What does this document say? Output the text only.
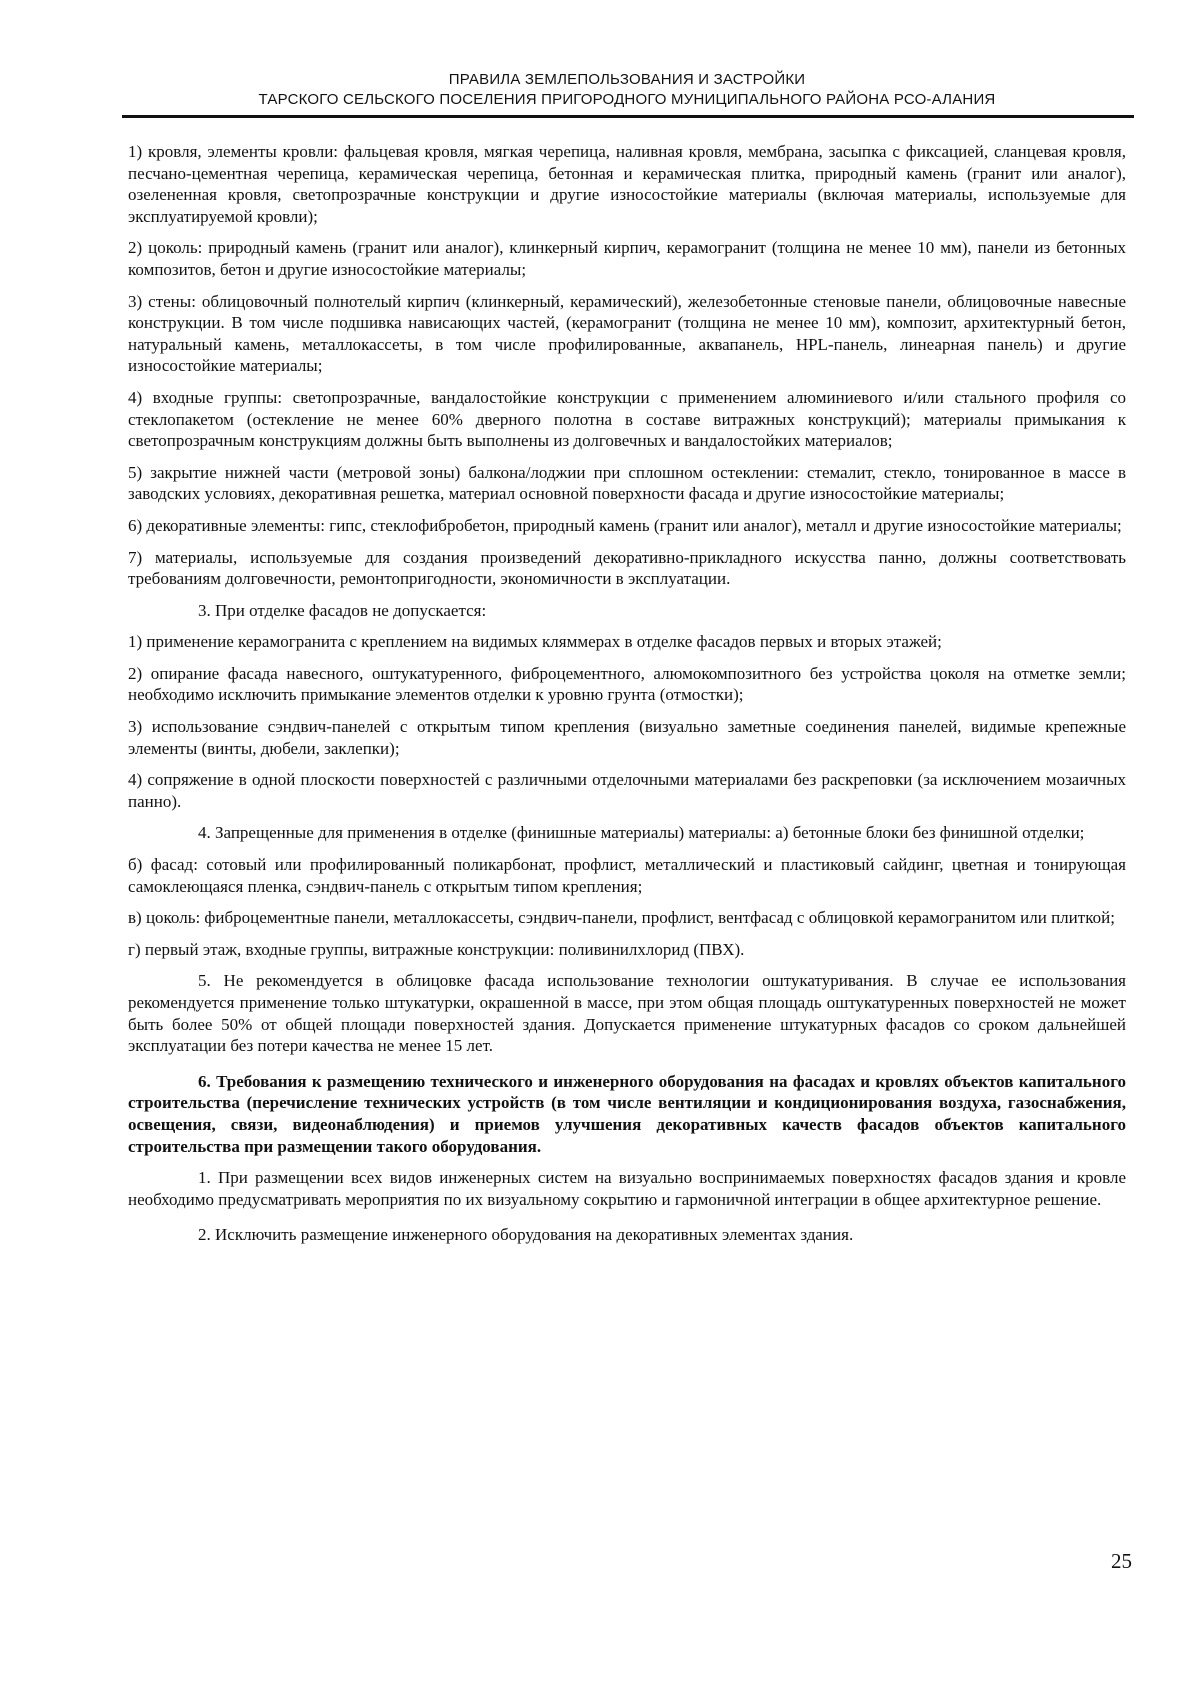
ПРАВИЛА ЗЕМЛЕПОЛЬЗОВАНИЯ И ЗАСТРОЙКИ
ТАРСКОГО СЕЛЬСКОГО ПОСЕЛЕНИЯ ПРИГОРОДНОГО МУНИЦИПАЛЬНОГО РАЙОНА РСО-АЛАНИЯ

1) кровля, элементы кровли: фальцевая кровля, мягкая черепица, наливная кровля, мембрана, засыпка с фиксацией, сланцевая кровля, песчано-цементная черепица, керамическая черепица, бетонная и керамическая плитка, природный камень (гранит или аналог), озелененная кровля, светопрозрачные конструкции и другие износостойкие материалы (включая материалы, используемые для эксплуатируемой кровли);

2) цоколь: природный камень (гранит или аналог), клинкерный кирпич, керамогранит (толщина не менее 10 мм), панели из бетонных композитов, бетон и другие износостойкие материалы;

3) стены: облицовочный полнотелый кирпич (клинкерный, керамический), железобетонные стеновые панели, облицовочные навесные конструкции. В том числе подшивка нависающих частей, (керамогранит (толщина не менее 10 мм), композит, архитектурный бетон, натуральный камень, металлокассеты, в том числе профилированные, аквапанель, HPL-панель, линеарная панель) и другие износостойкие материалы;

4) входные группы: светопрозрачные, вандалостойкие конструкции с применением алюминиевого и/или стального профиля со стеклопакетом (остекление не менее 60% дверного полотна в составе витражных конструкций); материалы примыкания к светопрозрачным конструкциям должны быть выполнены из долговечных и вандалостойких материалов;

5) закрытие нижней части (метровой зоны) балкона/лоджии при сплошном остеклении: стемалит, стекло, тонированное в массе в заводских условиях, декоративная решетка, материал основной поверхности фасада и другие износостойкие материалы;

6) декоративные элементы: гипс, стеклофибробетон, природный камень (гранит или аналог), металл и другие износостойкие материалы;

7) материалы, используемые для создания произведений декоративно-прикладного искусства панно, должны соответствовать требованиям долговечности, ремонтопригодности, экономичности в эксплуатации.

3. При отделке фасадов не допускается:

1) применение керамогранита с креплением на видимых кляммерах в отделке фасадов первых и вторых этажей;

2) опирание фасада навесного, оштукатуренного, фиброцементного, алюмокомпозитного без устройства цоколя на отметке земли; необходимо исключить примыкание элементов отделки к уровню грунта (отмостки);

3) использование сэндвич-панелей с открытым типом крепления (визуально заметные соединения панелей, видимые крепежные элементы (винты, дюбели, заклепки);

4) сопряжение в одной плоскости поверхностей с различными отделочными материалами без раскреповки (за исключением мозаичных панно).

4. Запрещенные для применения в отделке (финишные материалы) материалы: а) бетонные блоки без финишной отделки;

б) фасад: сотовый или профилированный поликарбонат, профлист, металлический и пластиковый сайдинг, цветная и тонирующая самоклеющаяся пленка, сэндвич-панель с открытым типом крепления;

в) цоколь: фиброцементные панели, металлокассеты, сэндвич-панели, профлист, вентфасад с облицовкой керамогранитом или плиткой;

г) первый этаж, входные группы, витражные конструкции: поливинилхлорид (ПВХ).

5. Не рекомендуется в облицовке фасада использование технологии оштукатуривания. В случае ее использования рекомендуется применение только штукатурки, окрашенной в массе, при этом общая площадь оштукатуренных поверхностей не может быть более 50% от общей площади поверхностей здания. Допускается применение штукатурных фасадов со сроком дальнейшей эксплуатации без потери качества не менее 15 лет.

6. Требования к размещению технического и инженерного оборудования на фасадах и кровлях объектов капитального строительства (перечисление технических устройств (в том числе вентиляции и кондиционирования воздуха, газоснабжения, освещения, связи, видеонаблюдения) и приемов улучшения декоративных качеств фасадов объектов капитального строительства при размещении такого оборудования.

1. При размещении всех видов инженерных систем на визуально воспринимаемых поверхностях фасадов здания и кровле необходимо предусматривать мероприятия по их визуальному сокрытию и гармоничной интеграции в общее архитектурное решение.

2. Исключить размещение инженерного оборудования на декоративных элементах здания.

25
